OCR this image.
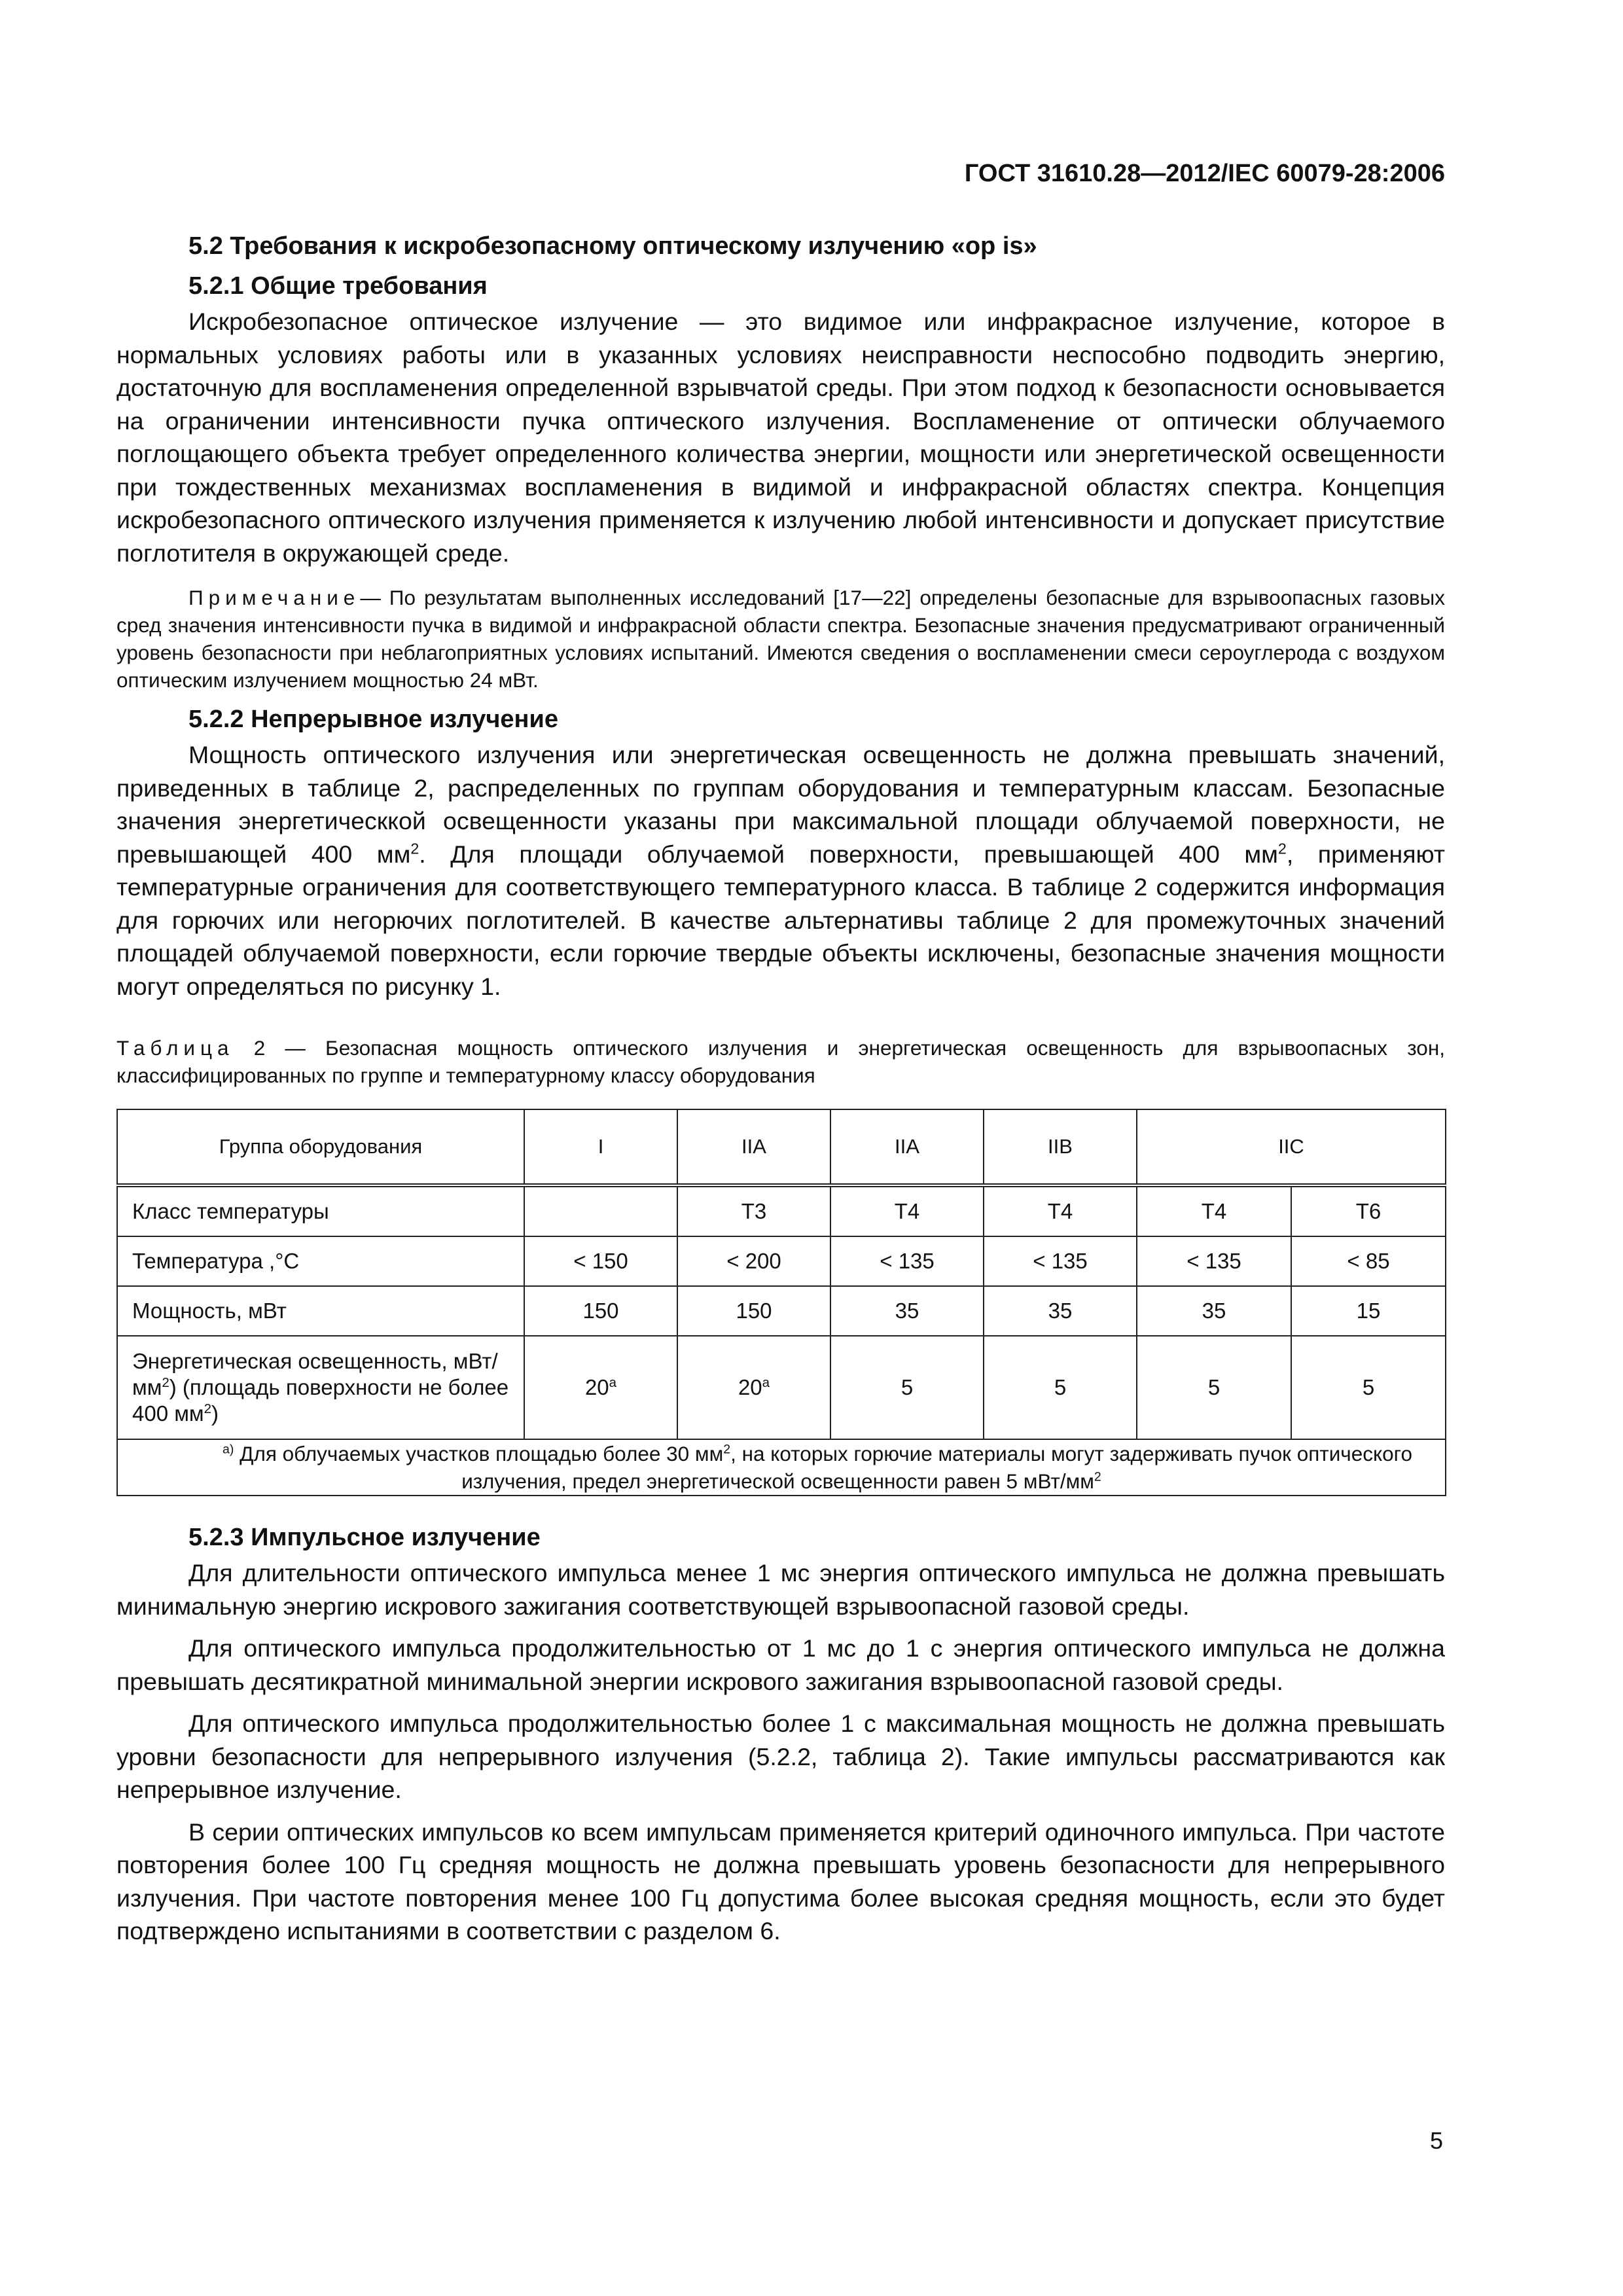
ГОСТ 31610.28—2012/IEC 60079-28:2006
5.2 Требования к искробезопасному оптическому излучению «op is»
5.2.1 Общие требования

Искробезопасное оптическое излучение — это видимое или инфракрасное излучение, которое в нормальных условиях работы или в указанных условиях неисправности неспособно подводить энергию, достаточную для воспламенения определенной взрывчатой среды. При этом подход к безопасности основывается на ограничении интенсивности пучка оптического излучения. Воспламенение от оптически облучаемого поглощающего объекта требует определенного количества энергии, мощности или энергетической освещенности при тождественных механизмах воспламенения в видимой и инфракрасной областях спектра. Концепция искробезопасного оптического излучения применяется к излучению любой интенсивности и допускает присутствие поглотителя в окружающей среде.

Примечание— По результатам выполненных исследований [17—22] определены безопасные для взрывоопасных газовых сред значения интенсивности пучка в видимой и инфракрасной области спектра. Безопасные значения предусматривают ограниченный уровень безопасности при неблагоприятных условиях испытаний. Имеются сведения о воспламенении смеси сероуглерода с воздухом оптическим излучением мощностью 24 мВт.

5.2.2 Непрерывное излучение

Мощность оптического излучения или энергетическая освещенность не должна превышать значений, приведенных в таблице 2, распределенных по группам оборудования и температурным классам. Безопасные значения энергетическкой освещенности указаны при максимальной площади облучаемой поверхности, не превышающей 400 $мм^2$. Для площади облучаемой поверхности, превышающей 400 $мм^2$, применяют температурные ограничения для соответствующего температурного класса. В таблице 2 содержится информация для горючих или негорючих поглотителей. В качестве альтернативы таблице 2 для промежуточных значений площадей облучаемой поверхности, если горючие твердые объекты исключены, безопасные значения мощности могут определяться по рисунку 1.

Таблица 2 — Безопасная мощность оптического излучения и энергетическая освещенность для взрывоопасных зон, классифицированных по группе и температурному классу оборудования
Группа оборудования	I	IIA	IIA	IIB	IIC	
Класс температуры		T3	T4	T4	T4	T6
Температура ,°С	< 150	< 200	< 135	< 135	< 135	< 85
Мощность, мВт	150	150	35	35	35	15
Энергетическая освещенность, мВт/$мм^2$) (площадь поверхности не более 400 $мм^2$)	$20^а$	$20^а$	5	5	5	5
$^{а)}$ Для облучаемых участков площадью более 30 $мм^2$, на которых горючие материалы могут задерживать пучок оптического излучения, предел энергетической освещенности равен 5 мВт/$мм^2$
5.2.3 Импульсное излучение

Для длительности оптического импульса менее 1 мс энергия оптического импульса не должна превышать минимальную энергию искрового зажигания соответствующей взрывоопасной газовой среды.

Для оптического импульса продолжительностью от 1 мс до 1 с энергия оптического импульса не должна превышать десятикратной минимальной энергии искрового зажигания взрывоопасной газовой среды.

Для оптического импульса продолжительностью более 1 с максимальная мощность не должна превышать уровни безопасности для непрерывного излучения (5.2.2, таблица 2). Такие импульсы рассматриваются как непрерывное излучение.

В серии оптических импульсов ко всем импульсам применяется критерий одиночного импульса. При частоте повторения более 100 Гц средняя мощность не должна превышать уровень безопасности для непрерывного излучения. При частоте повторения менее 100 Гц допустима более высокая средняя мощность, если это будет подтверждено испытаниями в соответствии с разделом 6.

5
